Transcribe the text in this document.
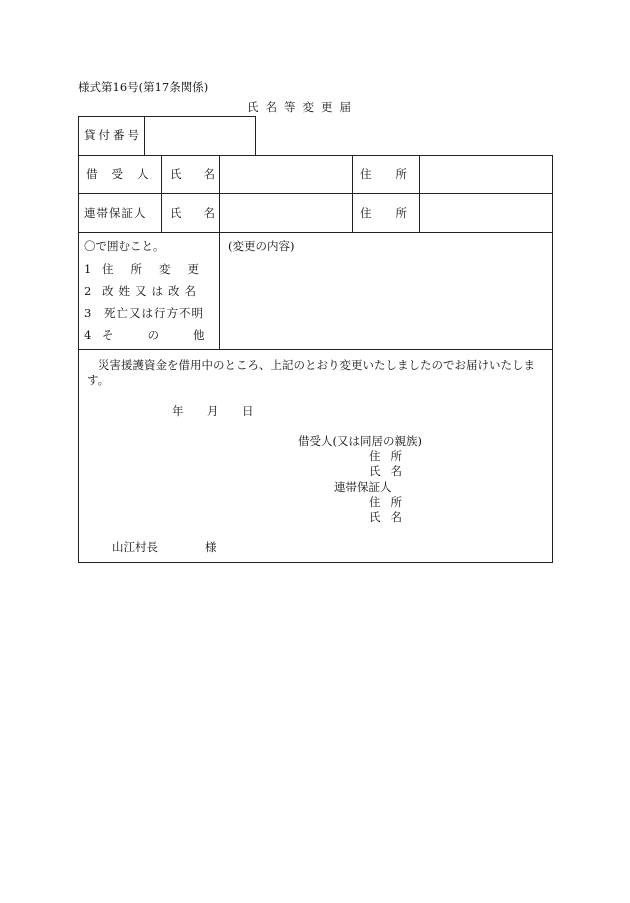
様式第16号(第17条関係)
氏名等変更届
貸付番号
借受人 氏名	住所
連帯保証人 氏名	住所
〇で囲むこと。
1 住所変更
2 改姓又は改名
3 死亡又は行方不明
4 その他
(変更の内容)
災害援護資金を借用中のところ、上記のとおり変更いたしましたのでお届けいたします。
年 月 日
借受人(又は同居の親族)
住所
氏名
連帯保証人
住所
氏名
山江村長	様
